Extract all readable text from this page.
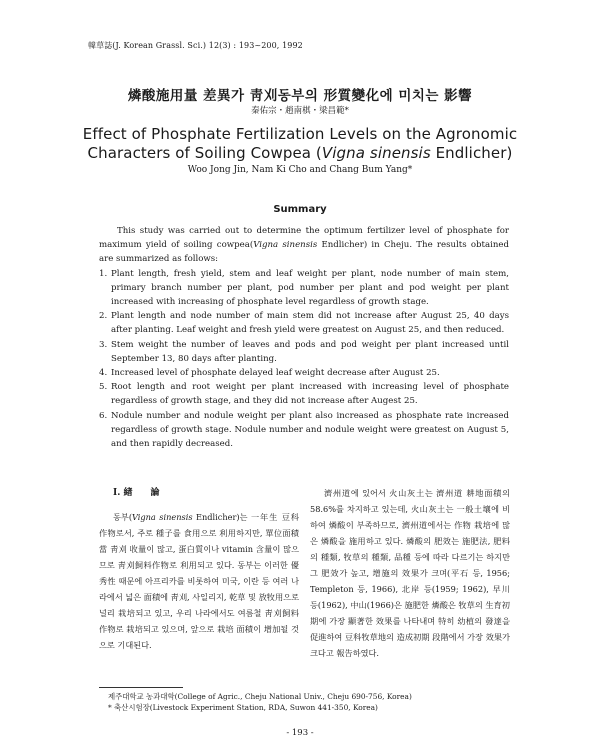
韓草誌(J. Korean Grassl. Sci.) 12(3) : 193~200, 1992
燐酸施用量 差異가 靑刈동부의 形質變化에 미치는 影響
秦佑宗・趙南棋・梁昌範*
Effect of Phosphate Fertilization Levels on the Agronomic
Characters of Soiling Cowpea (Vigna sinensis Endlicher)
Woo Jong Jin, Nam Ki Cho and Chang Bum Yang*
Summary

This study was carried out to determine the optimum fertilizer level of phosphate for maximum yield of soiling cowpea(Vigna sinensis Endlicher) in Cheju. The results obtained are summarized as follows:

1. Plant length, fresh yield, stem and leaf weight per plant, node number of main stem, primary branch number per plant, pod number per plant and pod weight per plant increased with increasing of phosphate level regardless of growth stage.
2. Plant length and node number of main stem did not increase after August 25, 40 days after planting. Leaf weight and fresh yield were greatest on August 25, and then reduced.
3. Stem weight the number of leaves and pods and pod weight per plant increased until September 13, 80 days after planting.
4. Increased level of phosphate delayed leaf weight decrease after August 25.
5. Root length and root weight per plant increased with increasing level of phosphate regardless of growth stage, and they did not increase after Augest 25.
6. Nodule number and nodule weight per plant also increased as phosphate rate increased regardless of growth stage. Nodule number and nodule weight were greatest on August 5, and then rapidly decreased.
Ⅰ. 緖　　論

동부(Vigna sinensis Endlicher)는 一年生 豆科作物로서, 주로 種子를 食用으로 利用하지만, 單位面積當 靑刈 收量이 많고, 蛋白質이나 vitamin 含量이 많으므로 靑刈飼料作物로 利用되고 있다. 동부는 이러한 優秀性 때문에 아프리카를 비롯하여 미국, 이란 등 여러 나라에서 넓은 面積에 靑刈, 사일리지, 乾草 및 放牧用으로 널리 栽培되고 있고, 우리 나라에서도 여름철 靑刈飼料作物로 栽培되고 있으며, 앞으로 栽培 面積이 增加될 것으로 기대된다.

濟州道에 있어서 火山灰土는 濟州道 耕地面積의 58.6%를 차지하고 있는데, 火山灰土는 一般土壤에 비하여 燐酸이 부족하므로, 濟州道에서는 作物 栽培에 많은 燐酸을 施用하고 있다. 燐酸의 肥效는 施肥法, 肥料의 種類, 牧草의 種類, 品種 등에 따라 다르기는 하지만 그 肥效가 높고, 增施의 效果가 크며(平石 등, 1956; Templeton 등, 1966), 北岸 등(1959; 1962), 早川 등(1962), 中山(1966)은 施肥한 燐酸은 牧草의 生育初期에 가장 顯著한 效果를 나타내며 特히 幼植의 發達을 促進하여 豆科牧草地의 造成初期 段階에서 가장 效果가 크다고 報告하였다.

제주대학교 농과대학(College of Agric., Cheju National Univ., Cheju 690-756, Korea)
* 축산시험장(Livestock Experiment Station, RDA, Suwon 441-350, Korea)
- 193 -
